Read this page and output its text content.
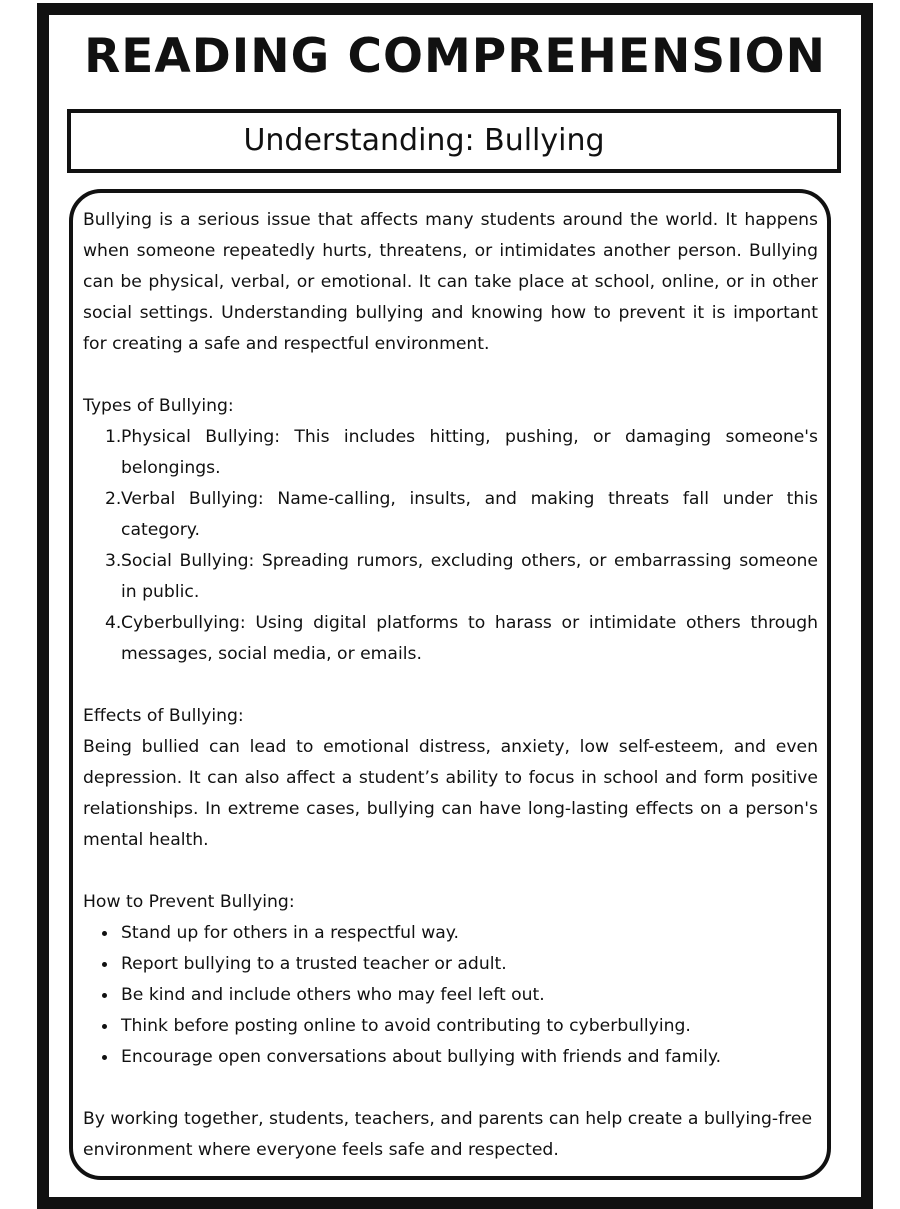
READING COMPREHENSION
Understanding: Bullying

Bullying is a serious issue that affects many students around the world. It happens when someone repeatedly hurts, threatens, or intimidates another person. Bullying can be physical, verbal, or emotional. It can take place at school, online, or in other social settings. Understanding bullying and knowing how to prevent it is important for creating a safe and respectful environment.

Types of Bullying:
1. Physical Bullying: This includes hitting, pushing, or damaging someone's belongings.
2. Verbal Bullying: Name-calling, insults, and making threats fall under this category.
3. Social Bullying: Spreading rumors, excluding others, or embarrassing someone in public.
4. Cyberbullying: Using digital platforms to harass or intimidate others through messages, social media, or emails.
Effects of Bullying:

Being bullied can lead to emotional distress, anxiety, low self-esteem, and even depression. It can also affect a student’s ability to focus in school and form positive relationships. In extreme cases, bullying can have long-lasting effects on a person's mental health.

How to Prevent Bullying:
Stand up for others in a respectful way.
Report bullying to a trusted teacher or adult.
Be kind and include others who may feel left out.
Think before posting online to avoid contributing to cyberbullying.
Encourage open conversations about bullying with friends and family.

By working together, students, teachers, and parents can help create a bullying-free environment where everyone feels safe and respected.
